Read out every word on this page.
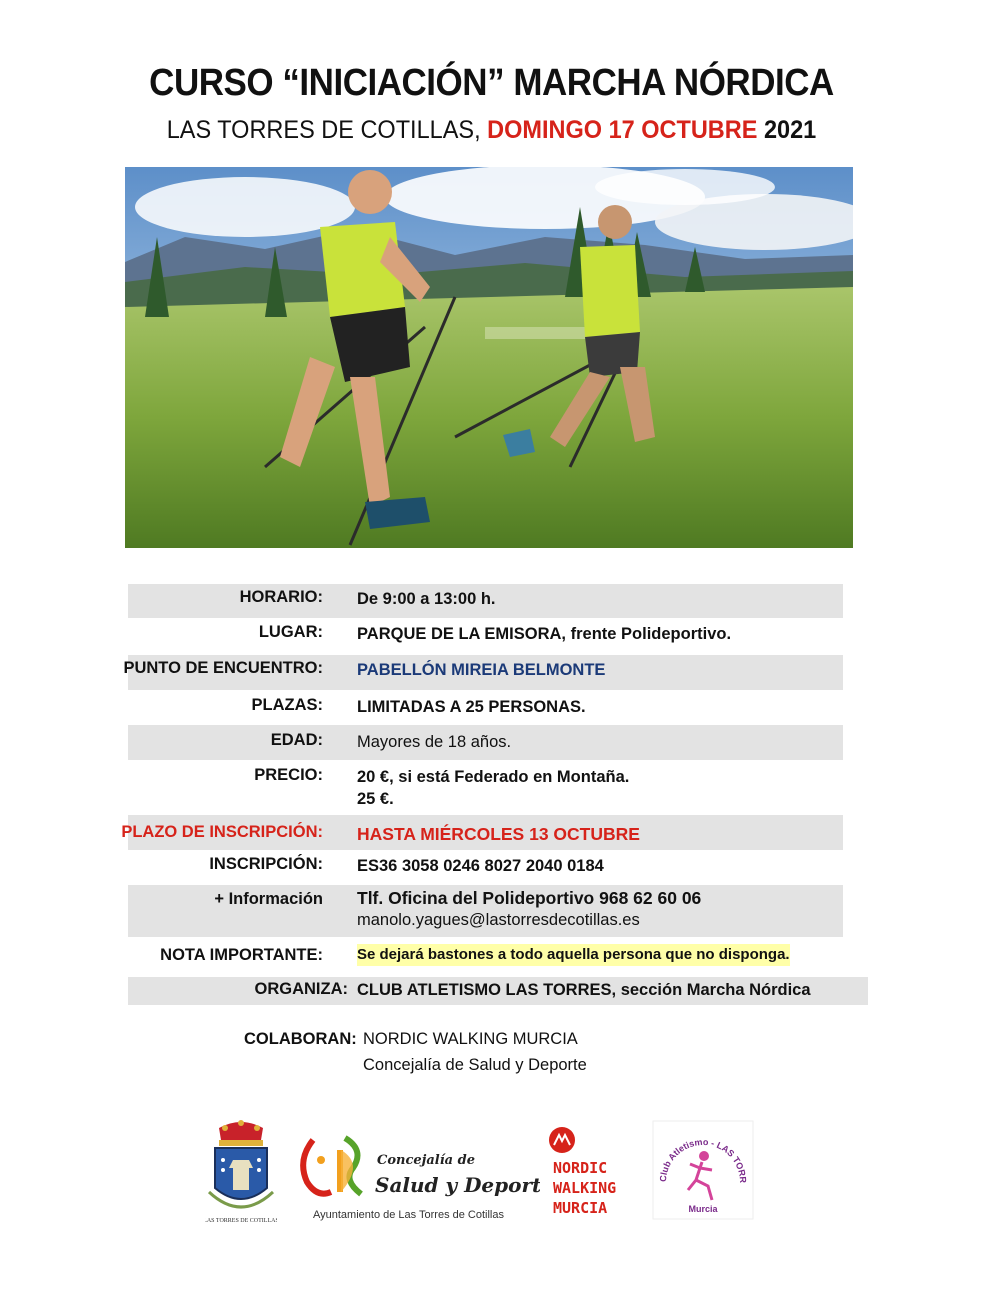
CURSO “INICIACIÓN” MARCHA NÓRDICA
LAS TORRES DE COTILLAS, DOMINGO 17 OCTUBRE 2021
HORARIO: De 9:00 a 13:00 h.
LUGAR: PARQUE DE LA EMISORA, frente Polideportivo.
PUNTO DE ENCUENTRO: PABELLÓN MIREIA BELMONTE
PLAZAS: LIMITADAS A 25 PERSONAS.
EDAD: Mayores de 18 años.
PRECIO: 20 €, si está Federado en Montaña.
25 €.
PLAZO DE INSCRIPCIÓN: HASTA MIÉRCOLES 13 OCTUBRE
INSCRIPCIÓN: ES36 3058 0246 8027 2040 0184
+ Información Tlf. Oficina del Polideportivo 968 62 60 06
manolo.yagues@lastorresdecotillas.es
NOTA IMPORTANTE: Se dejará bastones a todo aquella persona que no disponga.
ORGANIZA: CLUB ATLETISMO LAS TORRES, sección Marcha Nórdica
COLABORAN: NORDIC WALKING MURCIA
Concejalía de Salud y Deporte
LAS TORRES DE COTILLAS
Concejalía de
Salud y Deporte
Ayuntamiento de Las Torres de Cotillas
NORDIC
WALKING
MURCIA
Club Atletismo - LAS TORR
Murcia
